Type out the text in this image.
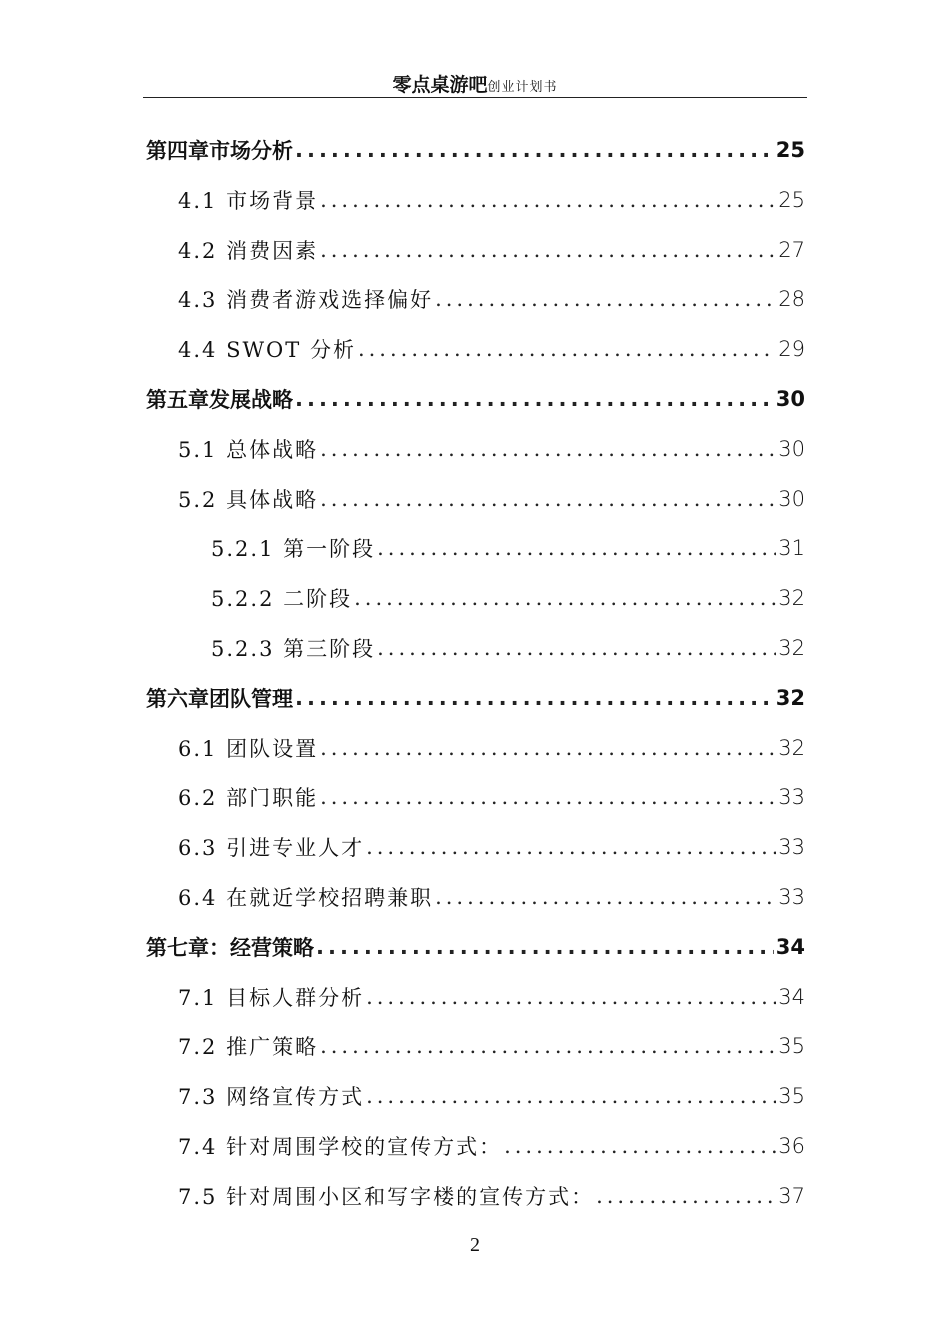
零点桌游吧创业计划书
第四章市场分析 .....	25
4.1 市场背景 .....	25
4.2 消费因素 .....	27
4.3 消费者游戏选择偏好 .....	28
4.4 SWOT 分析 .....	29
第五章发展战略 .....	30
5.1 总体战略 .....	30
5.2 具体战略 .....	30
5.2.1 第一阶段 .....	31
5.2.2 二阶段 .....	32
5.2.3 第三阶段 .....	32
第六章团队管理 .....	32
6.1 团队设置 .....	32
6.2 部门职能 .....	33
6.3 引进专业人才 .....	33
6.4 在就近学校招聘兼职 .....	33
第七章：经营策略 .....	34
7.1 目标人群分析 .....	34
7.2 推广策略 .....	35
7.3 网络宣传方式 .....	35
7.4 针对周围学校的宣传方式： .....	36
7.5 针对周围小区和写字楼的宣传方式： .....	37
2
